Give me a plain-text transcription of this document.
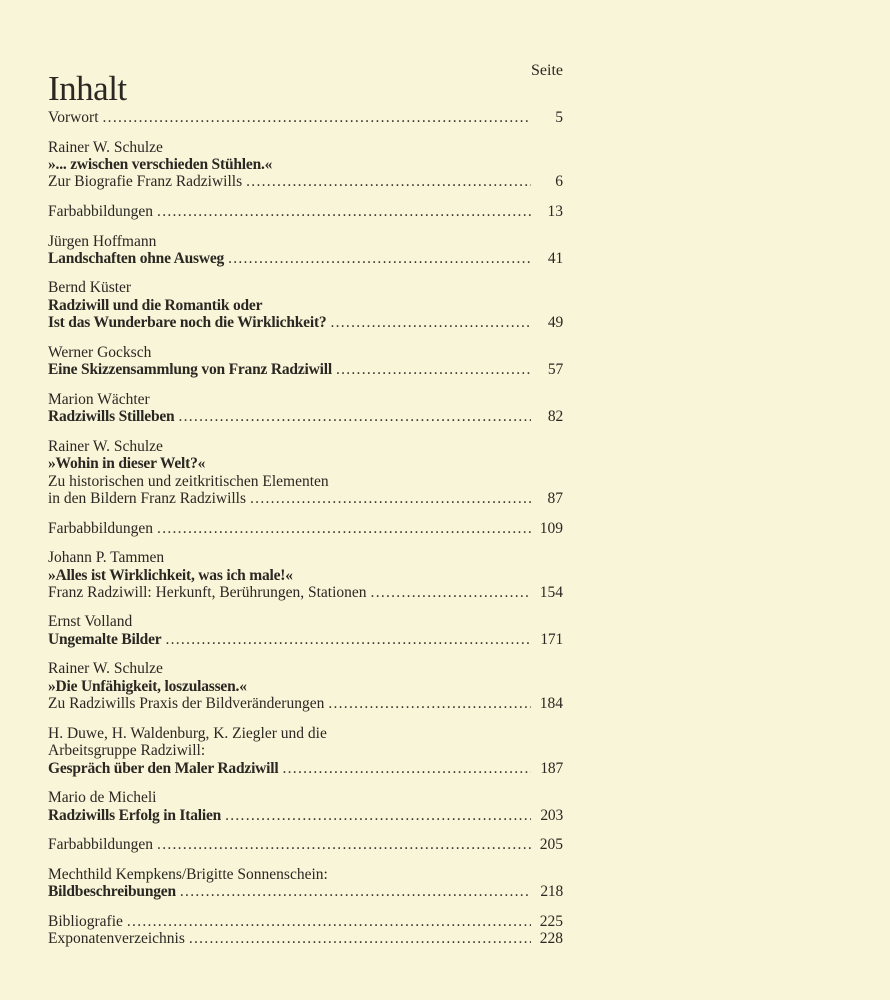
Inhalt	Seite
Vorwort . . .	5
Rainer W. Schulze
»... zwischen verschieden Stühlen.«
Zur Biografie Franz Radziwills . . .	6
Farbabbildungen . . .	13
Jürgen Hoffmann
Landschaften ohne Ausweg . . .	41
Bernd Küster
Radziwill und die Romantik oder
Ist das Wunderbare noch die Wirklichkeit? . . .	49
Werner Gocksch
Eine Skizzensammlung von Franz Radziwill . . .	57
Marion Wächter
Radziwills Stilleben . . .	82
Rainer W. Schulze
»Wohin in dieser Welt?«
Zu historischen und zeitkritischen Elementen
in den Bildern Franz Radziwills . . .	87
Farbabbildungen . . .	109
Johann P. Tammen
»Alles ist Wirklichkeit, was ich male!«
Franz Radziwill: Herkunft, Berührungen, Stationen . . .	154
Ernst Volland
Ungemalte Bilder . . .	171
Rainer W. Schulze
»Die Unfähigkeit, loszulassen.«
Zu Radziwills Praxis der Bildveränderungen . . .	184
H. Duwe, H. Waldenburg, K. Ziegler und die
Arbeitsgruppe Radziwill:
Gespräch über den Maler Radziwill . . .	187
Mario de Micheli
Radziwills Erfolg in Italien . . .	203
Farbabbildungen . . .	205
Mechthild Kempkens/Brigitte Sonnenschein:
Bildbeschreibungen . . .	218
Bibliografie . . .	225
Exponatenverzeichnis . . .	228
